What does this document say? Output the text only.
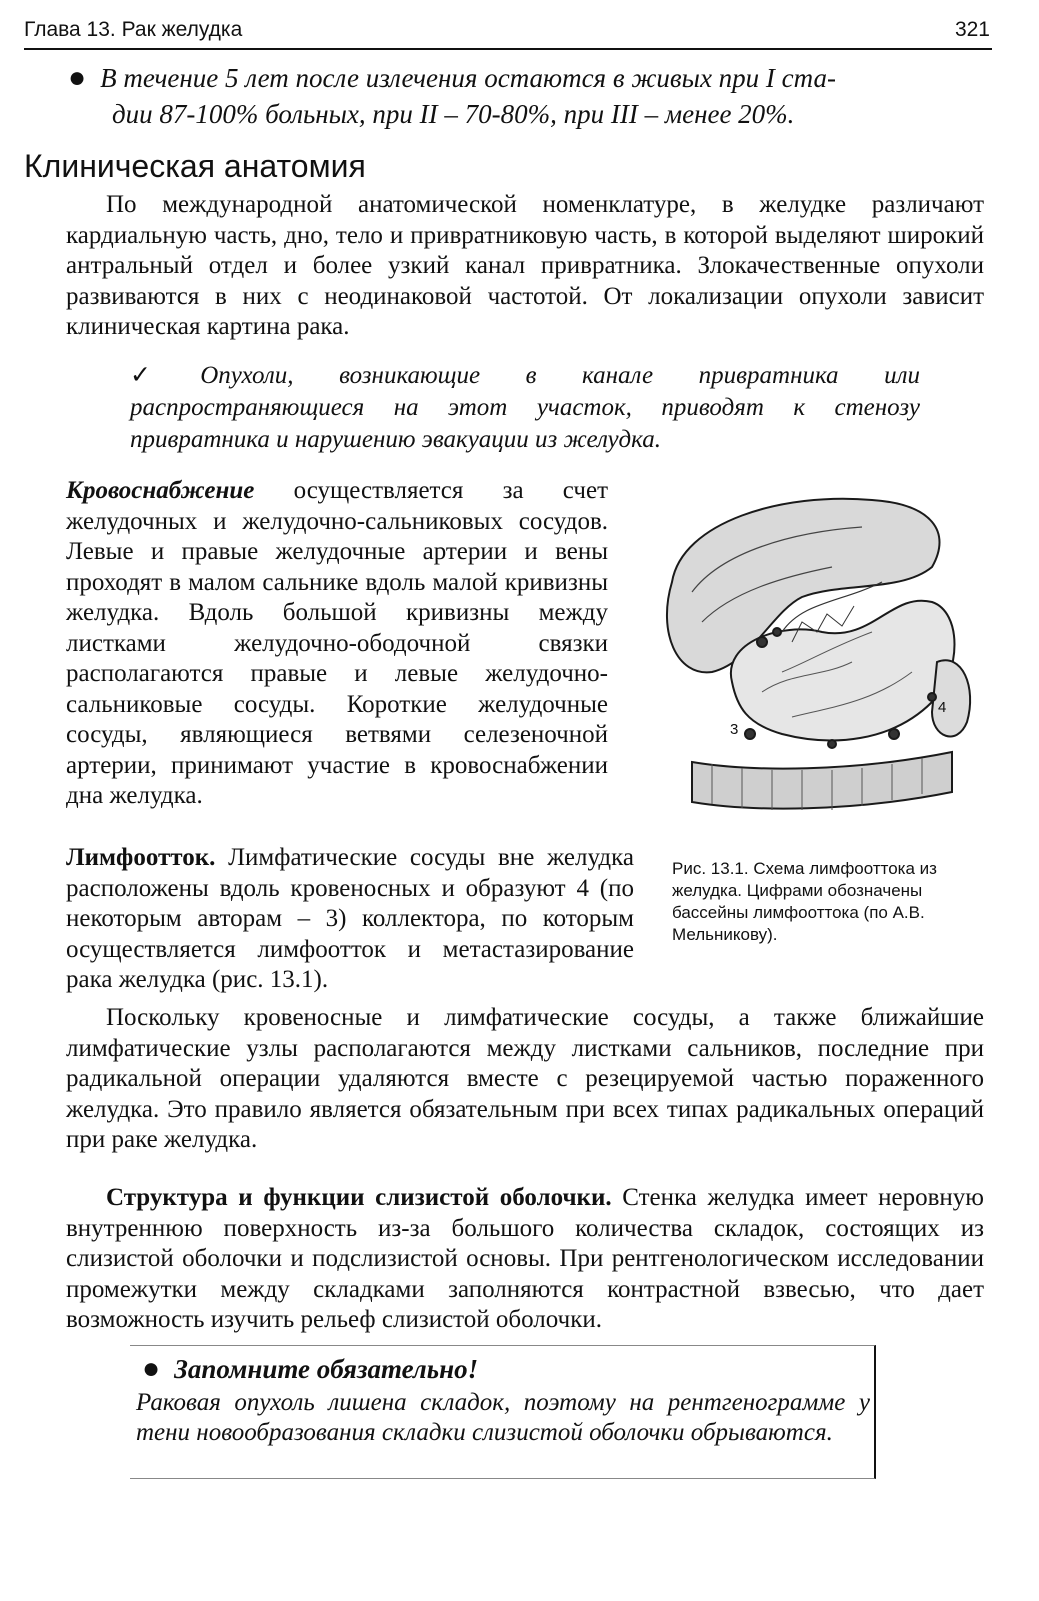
Глава 13. Рак желудка	321
● В течение 5 лет после излечения остаются в живых при I ста-
дии 87-100% больных, при II – 70-80%, при III – менее 20%.
Клиническая анатомия
По международной анатомической номенклатуре, в желудке различают кардиальную часть, дно, тело и привратниковую часть, в которой выделяют широкий антральный отдел и более узкий канал привратника. Злокачественные опухоли развиваются в них с неодинаковой частотой. От локализации опухоли зависит клиническая картина рака.
✓ Опухоли, возникающие в канале привратника или распространяющиеся на этот участок, приводят к стенозу привратника и нарушению эвакуации из желудка.
Кровоснабжение осуществляется за счет желудочных и желудочно-сальниковых сосудов. Левые и правые желудочные артерии и вены проходят в малом сальнике вдоль малой кривизны желудка. Вдоль большой кривизны между листками желудочно-ободочной связки располагаются правые и левые желудочно-сальниковые сосуды. Короткие желудочные сосуды, являющиеся ветвями селезеночной артерии, принимают участие в кровоснабжении дна желудка.
3
4
Лимфоотток. Лимфатические сосуды вне желудка расположены вдоль кровеносных и образуют 4 (по некоторым авторам – 3) коллектора, по которым осуществляется лимфоотток и метастазирование рака желудка (рис. 13.1).
Рис. 13.1. Схема лимфооттока из желудка. Цифрами обозначены бассейны лимфооттока (по А.В. Мельникову).
Поскольку кровеносные и лимфатические сосуды, а также ближайшие лимфатические узлы располагаются между листками сальников, последние при радикальной операции удаляются вместе с резецируемой частью пораженного желудка. Это правило является обязательным при всех типах радикальных операций при раке желудка.
Структура и функции слизистой оболочки. Стенка желудка имеет неровную внутреннюю поверхность из-за большого количества складок, состоящих из слизистой оболочки и подслизистой основы. При рентгенологическом исследовании промежутки между складками заполняются контрастной взвесью, что дает возможность изучить рельеф слизистой оболочки.
● Запомните обязательно!
Раковая опухоль лишена складок, поэтому на рентгенограмме у тени новообразования складки слизистой оболочки обрываются.
